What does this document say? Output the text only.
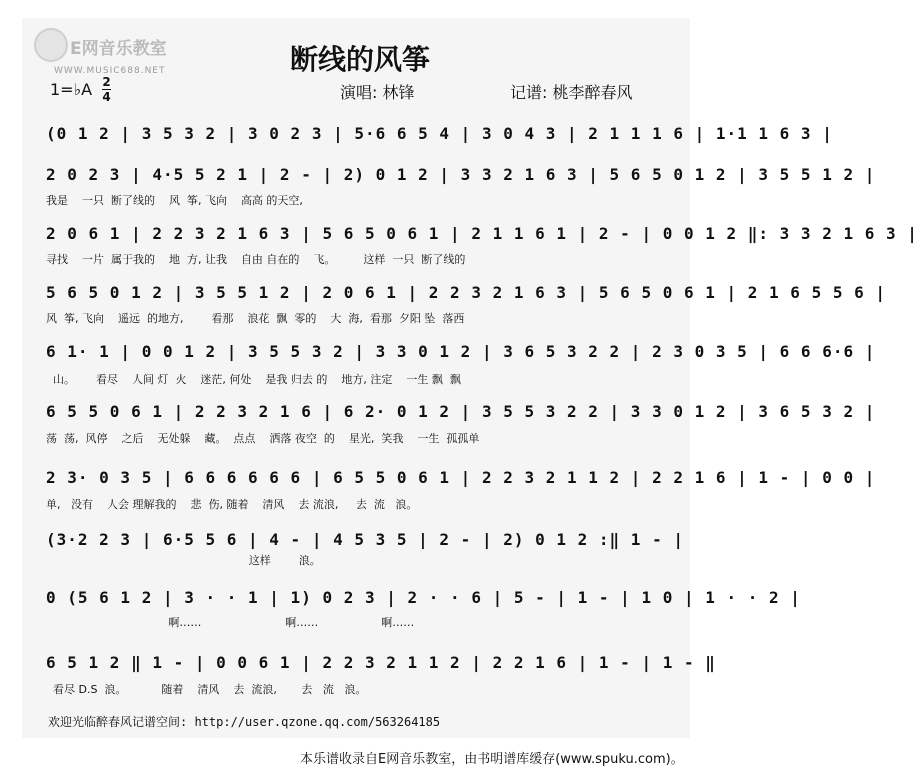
E网音乐教室
WWW.MUSIC688.NET	断线的风筝
1=♭A 2
4	演唱: 林锋	记谱: 桃李醉春风
(0 1 2 | 3 5 3 2 | 3 0 2 3 | 5·6 6 5 4 | 3 0 4 3 | 2 1 1 1 6 | 1·1 1 6 3 |
2 0 2 3 | 4·5 5 2 1 | 2 - | 2) 0 1 2 | 3 3 2 1 6 3 | 5 6 5 0 1 2 | 3 5 5 1 2 |
我是    一只  断了线的    风  筝, 飞向    高高 的天空,
2 0 6 1 | 2 2 3 2 1 6 3 | 5 6 5 0 6 1 | 2 1 1 6 1 | 2 - | 0 0 1 2 ‖: 3 3 2 1 6 3 |
寻找    一片  属于我的    地  方, 让我    自由 自在的    飞。        这样  一只  断了线的
5 6 5 0 1 2 | 3 5 5 1 2 | 2 0 6 1 | 2 2 3 2 1 6 3 | 5 6 5 0 6 1 | 2 1 6 5 5 6 |
风  筝, 飞向    遥远  的地方,        看那    浪花  飘  零的    大  海,  看那  夕阳 坠  落西
6 1· 1 | 0 0 1 2 | 3 5 5 3 2 | 3 3 0 1 2 | 3 6 5 3 2 2 | 2 3 0 3 5 | 6 6 6·6 |
山。      看尽    人间 灯  火    迷茫, 何处    是我 归去 的    地方, 注定    一生 飘  飘
6 5 5 0 6 1 | 2 2 3 2 1 6 | 6 2· 0 1 2 | 3 5 5 3 2 2 | 3 3 0 1 2 | 3 6 5 3 2 |
荡  荡,  风停    之后    无处躲    藏。  点点    洒落 夜空  的    星光,  笑我    一生  孤孤单
2 3· 0 3 5 | 6 6 6 6 6 6 | 6 5 5 0 6 1 | 2 2 3 2 1 1 2 | 2 2 1 6 | 1 - | 0 0 |
单,   没有    人会 理解我的    悲  伤, 随着    清风    去 流浪,     去  流   浪。
(3·2 2 3 | 6·5 5 6 | 4 - | 4 5 3 5 | 2 - | 2) 0 1 2 :‖ 1 - |
这样        浪。
0 (5 6 1 2 | 3 · · 1 | 1) 0 2 3 | 2 · · 6 | 5 - | 1 - | 1 0 | 1 · · 2 |
啊……                        啊……                  啊……
6 5 1 2 ‖ 1 - | 0 0 6 1 | 2 2 3 2 1 1 2 | 2 2 1 6 | 1 - | 1 - ‖
看尽 D.S  浪。          随着    清风    去  流浪,       去   流   浪。
欢迎光临醉春风记谱空间: http://user.qzone.qq.com/563264185
本乐谱收录自E网音乐教室，由书明谱库缓存(www.spuku.com)。
